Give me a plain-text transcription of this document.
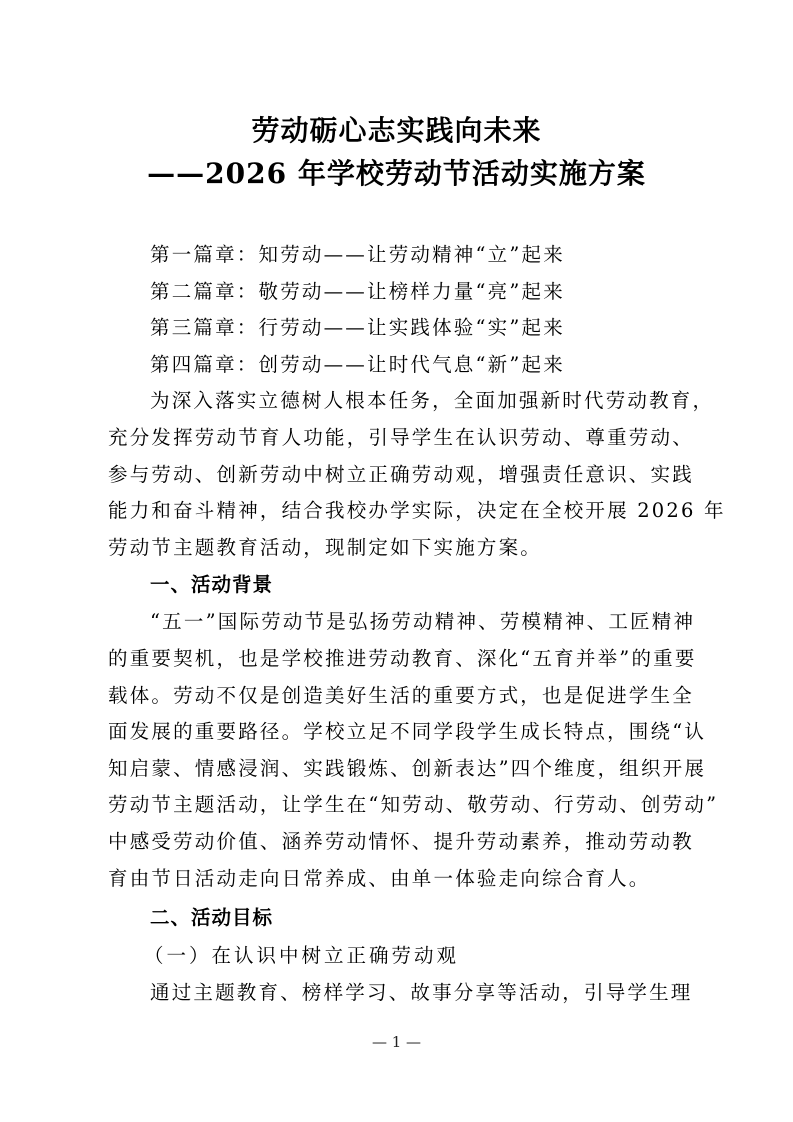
劳动砺心志实践向未来
——2026 年学校劳动节活动实施方案
第一篇章：知劳动——让劳动精神“立”起来
第二篇章：敬劳动——让榜样力量“亮”起来
第三篇章：行劳动——让实践体验“实”起来
第四篇章：创劳动——让时代气息“新”起来
为深入落实立德树人根本任务，全面加强新时代劳动教育，
充分发挥劳动节育人功能，引导学生在认识劳动、尊重劳动、
参与劳动、创新劳动中树立正确劳动观，增强责任意识、实践
能力和奋斗精神，结合我校办学实际，决定在全校开展 2026 年
劳动节主题教育活动，现制定如下实施方案。
一、活动背景
“五一”国际劳动节是弘扬劳动精神、劳模精神、工匠精神
的重要契机，也是学校推进劳动教育、深化“五育并举”的重要
载体。劳动不仅是创造美好生活的重要方式，也是促进学生全
面发展的重要路径。学校立足不同学段学生成长特点，围绕“认
知启蒙、情感浸润、实践锻炼、创新表达”四个维度，组织开展
劳动节主题活动，让学生在“知劳动、敬劳动、行劳动、创劳动”
中感受劳动价值、涵养劳动情怀、提升劳动素养，推动劳动教
育由节日活动走向日常养成、由单一体验走向综合育人。
二、活动目标
（一）在认识中树立正确劳动观
通过主题教育、榜样学习、故事分享等活动，引导学生理
— 1 —
